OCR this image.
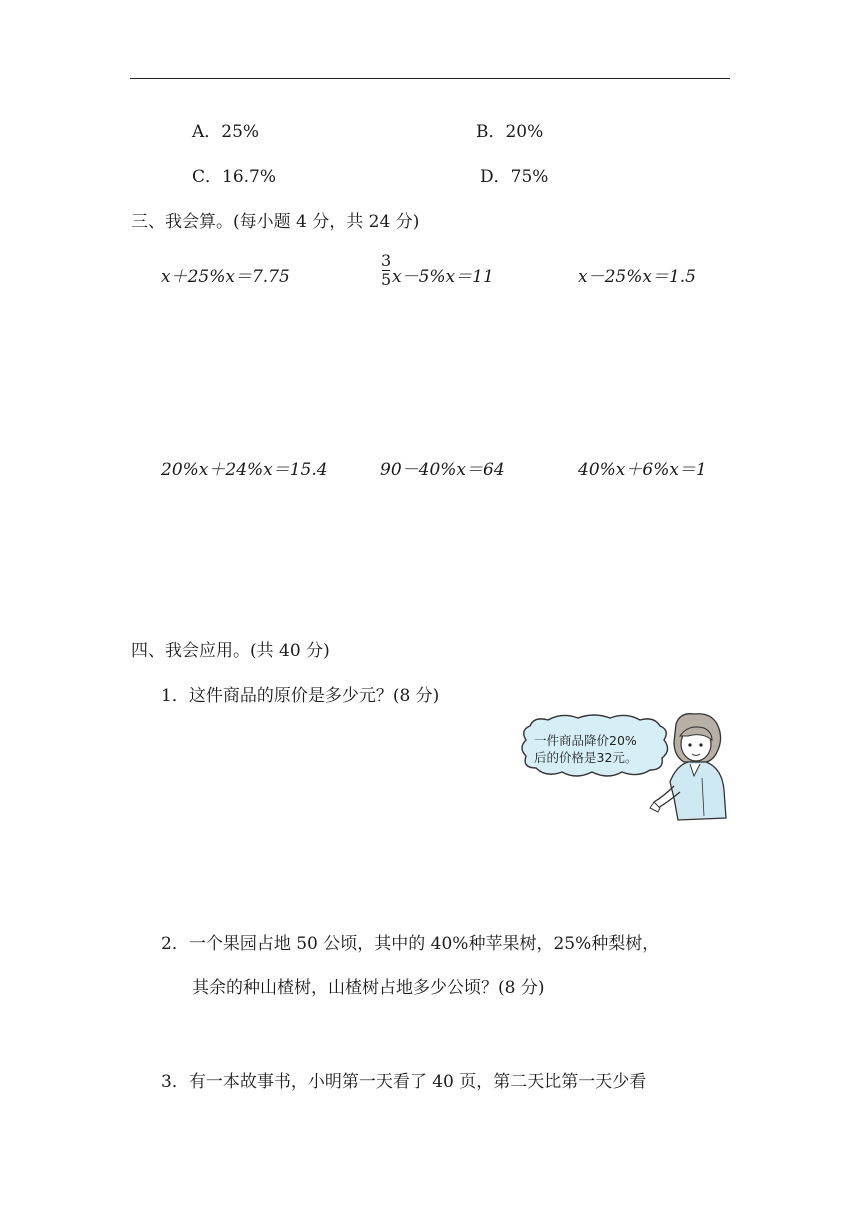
A．25%	B．20%
C．16.7%	D．75%
三、我会算。(每小题 4 分，共 24 分)
x＋25%x＝7.75
3
5 x－5%x＝11	x－25%x＝1.5
20%x＋24%x＝15.4	90－40%x＝64	40%x＋6%x＝1
四、我会应用。(共 40 分)
1．这件商品的原价是多少元？(8 分)
一件商品降价20%
后的价格是32元。
2．一个果园占地 50 公顷，其中的 40%种苹果树，25%种梨树，
其余的种山楂树，山楂树占地多少公顷？(8 分)
3．有一本故事书，小明第一天看了 40 页，第二天比第一天少看
